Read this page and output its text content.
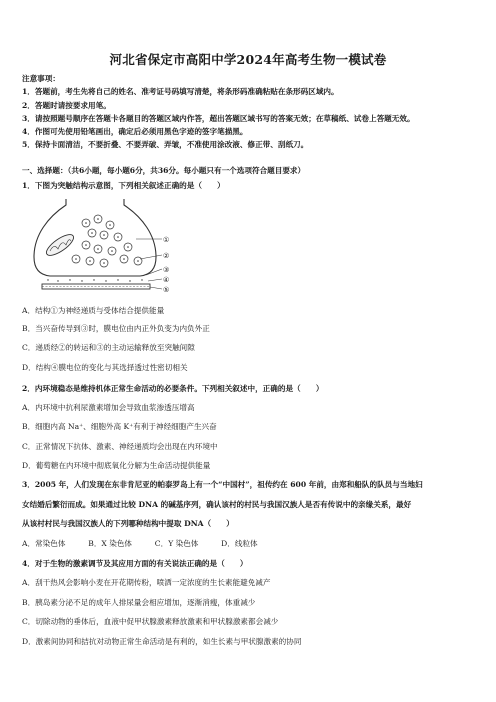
河北省保定市高阳中学2024年高考生物一模试卷
注意事项：
1．答题前，考生先将自己的姓名、准考证号码填写清楚，将条形码准确粘贴在条形码区域内。
2．答题时请按要求用笔。
3．请按照题号顺序在答题卡各题目的答题区域内作答，超出答题区域书写的答案无效；在草稿纸、试卷上答题无效。
4．作图可先使用铅笔画出，确定后必须用黑色字迹的签字笔描黑。
5．保持卡面清洁，不要折叠、不要弄破、弄皱，不准使用涂改液、修正带、刮纸刀。
一、选择题：（共6小题，每小题6分，共36分。每小题只有一个选项符合题目要求）
1．下图为突触结构示意图，下列相关叙述正确的是（　　）
①
②
③
④
⑤
A．结构①为神经递质与受体结合提供能量
B．当兴奋传导到③时，膜电位由内正外负变为内负外正
C．递质经②的转运和③的主动运输释放至突触间隙
D．结构④膜电位的变化与其选择透过性密切相关
2．内环境稳态是维持机体正常生命活动的必要条件。下列相关叙述中，正确的是（　　）
A．内环境中抗利尿激素增加会导致血浆渗透压增高
B．细胞内高 Na⁺、细胞外高 K⁺有利于神经细胞产生兴奋
C．正常情况下抗体、激素、神经递质均会出现在内环境中
D．葡萄糖在内环境中彻底氧化分解为生命活动提供能量
3．2005 年，人们发现在东非肯尼亚的帕泰罗岛上有一个“中国村”，祖传约在 600 年前，由郑和船队的队员与当地妇
女结婚后繁衍而成。如果通过比较 DNA 的碱基序列，确认该村的村民与我国汉族人是否有传说中的亲缘关系，最好
从该村村民与我国汉族人的下列哪种结构中提取 DNA（　　）
A．常染色体　　　B．X 染色体　　　C．Y 染色体　　　D．线粒体
4．对于生物的激素调节及其应用方面的有关说法正确的是（　　）
A．刮干热风会影响小麦在开花期传粉，喷洒一定浓度的生长素能避免减产
B．胰岛素分泌不足的成年人排尿量会相应增加，逐渐消瘦，体重减少
C．切除动物的垂体后，血液中促甲状腺激素释放激素和甲状腺激素都会减少
D．激素间协同和拮抗对动物正常生命活动是有利的，如生长素与甲状腺激素的协同
